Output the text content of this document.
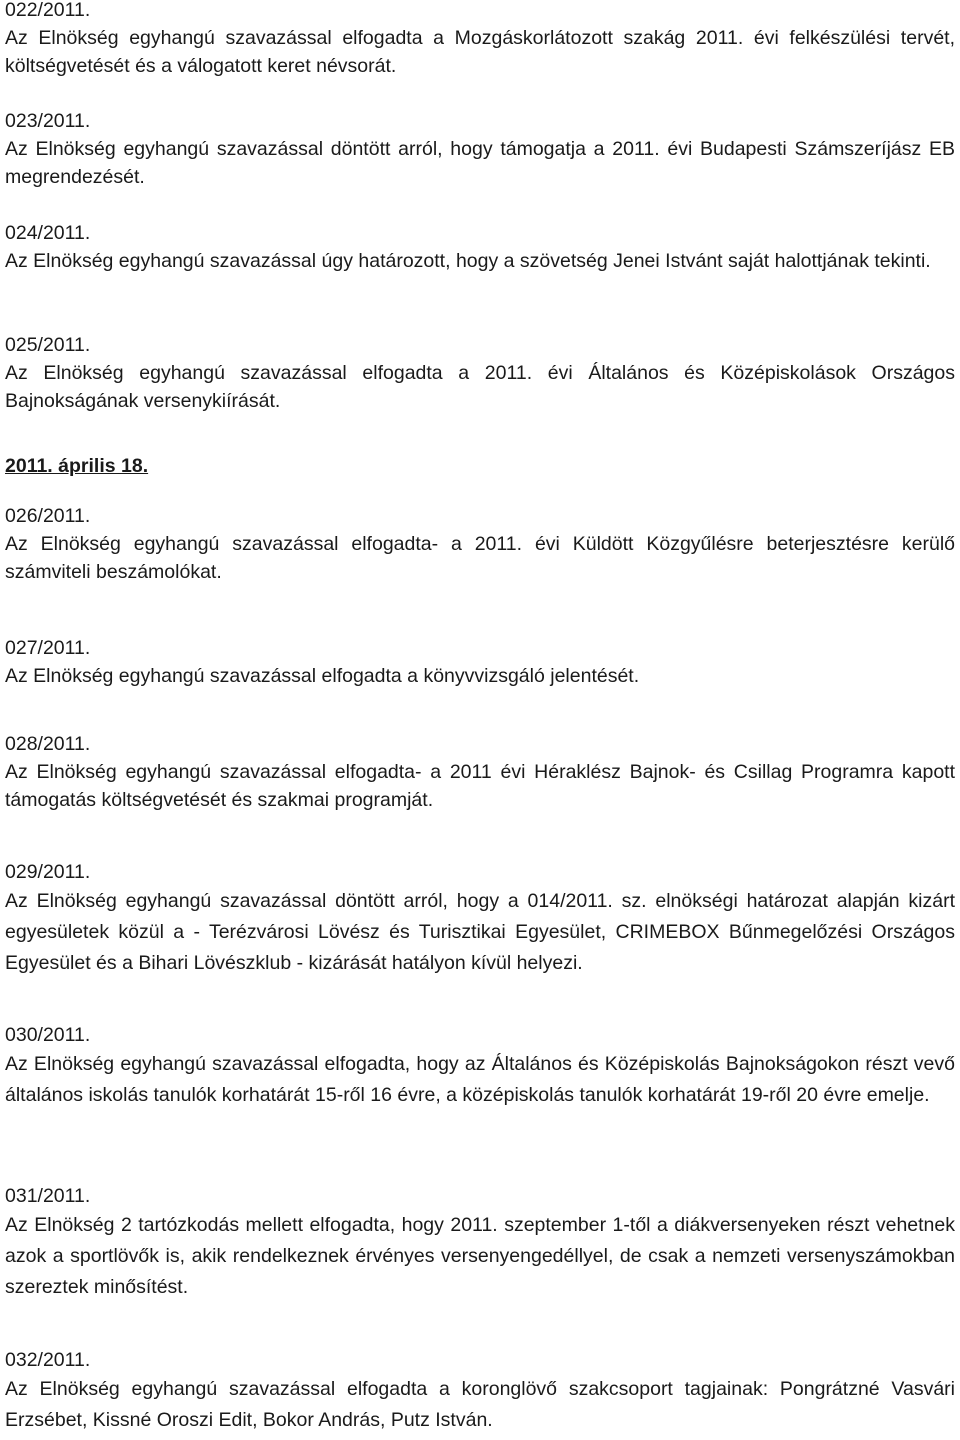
022/2011.
Az Elnökség egyhangú szavazással elfogadta a Mozgáskorlátozott szakág 2011. évi felkészülési tervét, költségvetését és a válogatott keret névsorát.
023/2011.
Az Elnökség egyhangú szavazással döntött arról, hogy támogatja a 2011. évi Budapesti Számszeríjász EB megrendezését.
024/2011.
Az Elnökség egyhangú szavazással úgy határozott, hogy a szövetség Jenei Istvánt saját halottjának tekinti.
025/2011.
Az Elnökség egyhangú szavazással elfogadta a 2011. évi Általános és Középiskolások Országos Bajnokságának versenykiírását.
2011. április 18.
026/2011.
Az Elnökség egyhangú szavazással elfogadta- a 2011. évi Küldött Közgyűlésre beterjesztésre kerülő számviteli beszámolókat.
027/2011.
Az Elnökség egyhangú szavazással elfogadta a könyvvizsgáló jelentését.
028/2011.
Az Elnökség egyhangú szavazással elfogadta- a 2011 évi Héraklész Bajnok- és Csillag Programra kapott támogatás költségvetését és szakmai programját.
029/2011.
Az Elnökség egyhangú szavazással döntött arról, hogy a 014/2011. sz. elnökségi határozat alapján kizárt egyesületek közül a - Terézvárosi Lövész és Turisztikai Egyesület, CRIMEBOX Bűnmegelőzési Országos Egyesület és a Bihari Lövészklub - kizárását hatályon kívül helyezi.
030/2011.
Az Elnökség egyhangú szavazással elfogadta, hogy az Általános és Középiskolás Bajnokságokon részt vevő általános iskolás tanulók korhatárát 15-ről 16 évre, a középiskolás tanulók korhatárát 19-ről 20 évre emelje.
031/2011.
Az Elnökség 2 tartózkodás mellett elfogadta, hogy 2011. szeptember 1-től a diákversenyeken részt vehetnek azok a sportlövők is, akik rendelkeznek érvényes versenyengedéllyel, de csak a nemzeti versenyszámokban szereztek minősítést.
032/2011.
Az Elnökség egyhangú szavazással elfogadta a koronglövő szakcsoport tagjainak: Pongrátzné Vasvári Erzsébet, Kissné Oroszi Edit, Bokor András, Putz István.
